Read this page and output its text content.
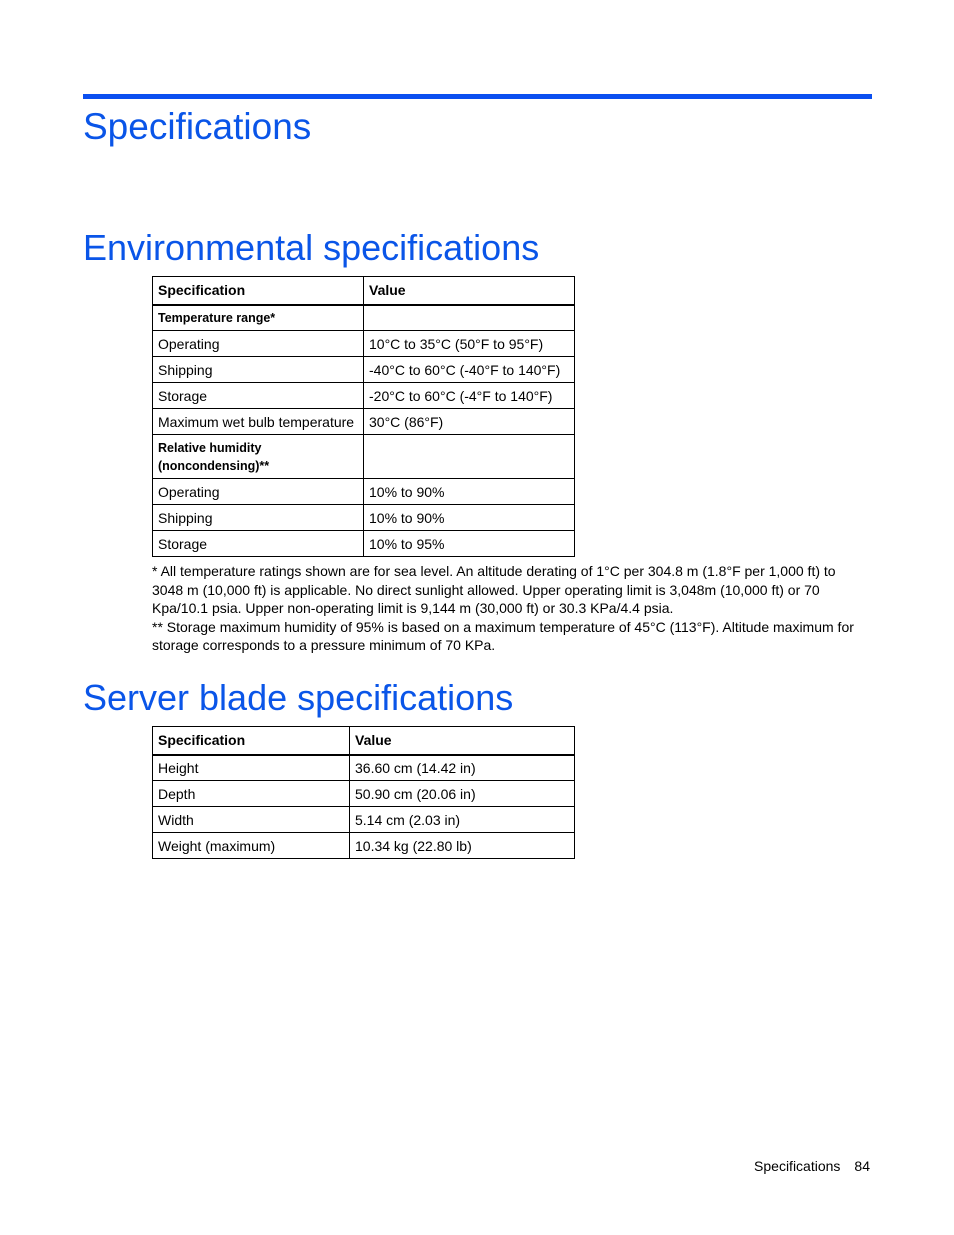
Specifications
Environmental specifications
Specification	Value
Temperature range*	
Operating	10°C to 35°C (50°F to 95°F)
Shipping	-40°C to 60°C (-40°F to 140°F)
Storage	-20°C to 60°C (-4°F to 140°F)
Maximum wet bulb temperature	30°C (86°F)
Relative humidity (noncondensing)**	
Operating	10% to 90%
Shipping	10% to 90%
Storage	10% to 95%

* All temperature ratings shown are for sea level. An altitude derating of 1°C per 304.8 m (1.8°F per 1,000 ft) to 3048 m (10,000 ft) is applicable. No direct sunlight allowed. Upper operating limit is 3,048m (10,000 ft) or 70 Kpa/10.1 psia. Upper non-operating limit is 9,144 m (30,000 ft) or 30.3 KPa/4.4 psia.

** Storage maximum humidity of 95% is based on a maximum temperature of 45°C (113°F). Altitude maximum for storage corresponds to a pressure minimum of 70 KPa.

Server blade specifications
Specification	Value
Height	36.60 cm (14.42 in)
Depth	50.90 cm (20.06 in)
Width	5.14 cm (2.03 in)
Weight (maximum)	10.34 kg (22.80 lb)
Specifications 84
